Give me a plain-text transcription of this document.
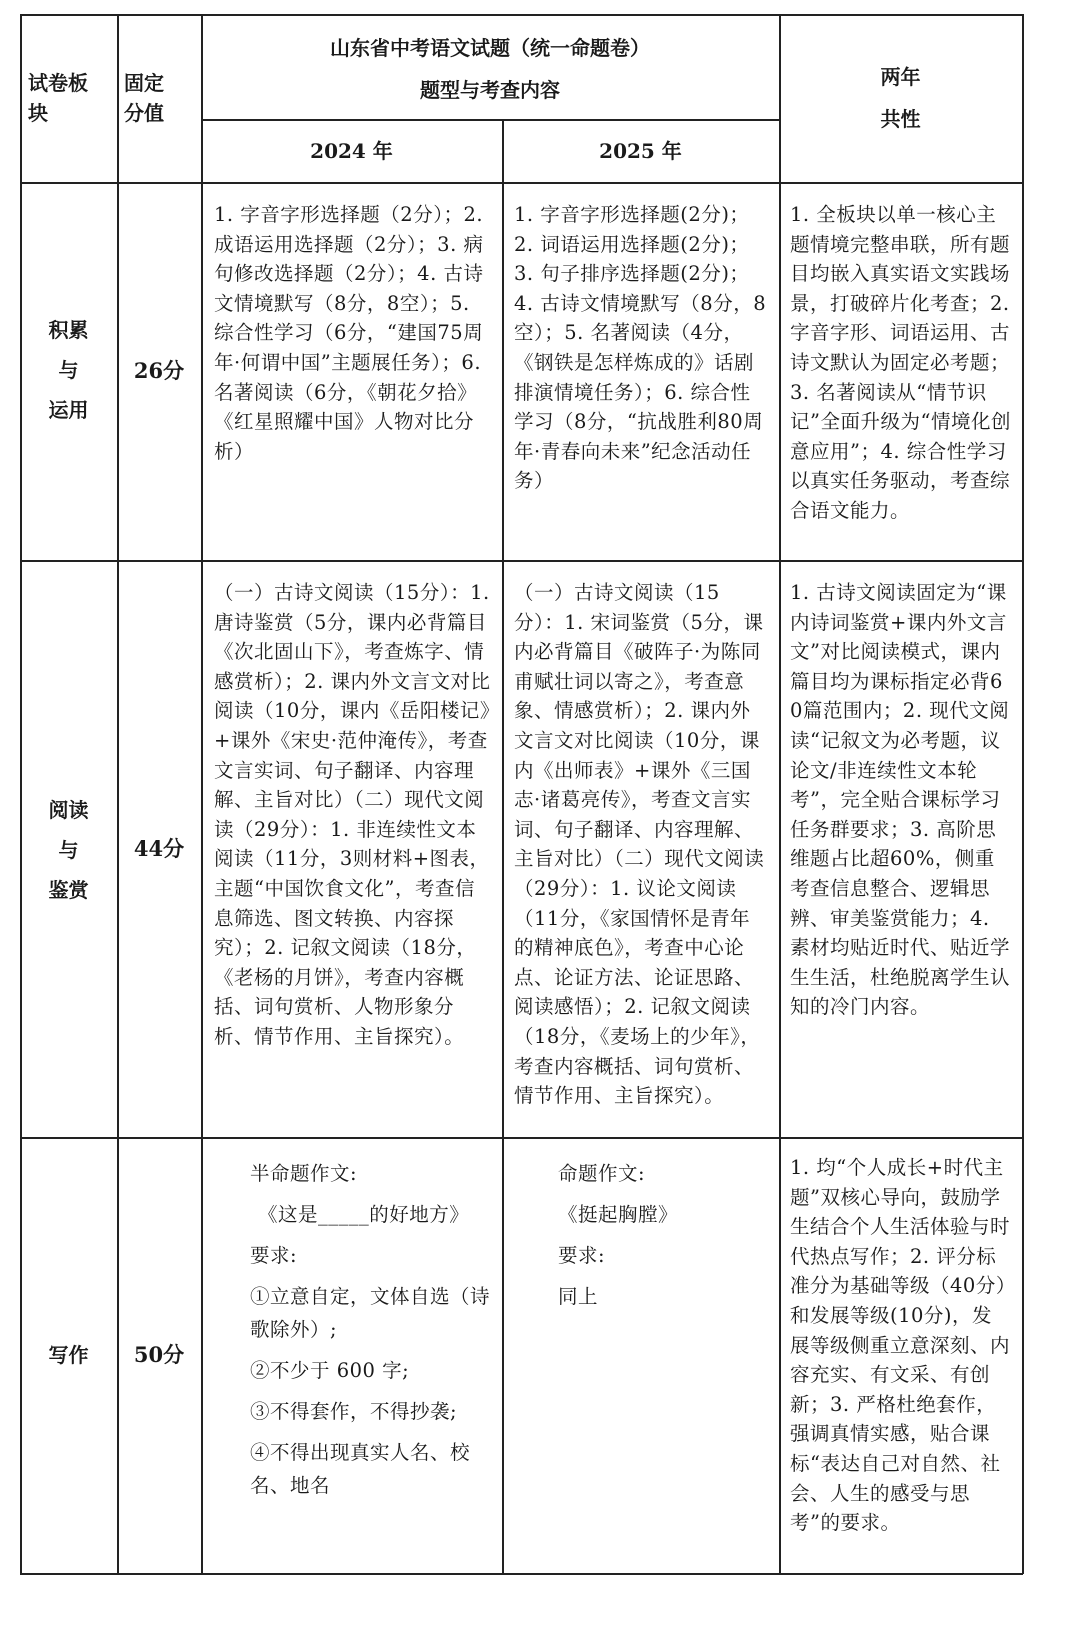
试卷板块
固定分值
山东省中考语文试题（统一命题卷）
题型与考查内容
2024 年	2025 年
两年
共性
积累
与
运用
26分
1. 字音字形选择题（2分）；2. 成语运用选择题（2分）；3. 病句修改选择题（2分）；4. 古诗文情境默写（8分，8空）；5. 综合性学习（6分，“建国75周年·何谓中国”主题展任务）；6. 名著阅读（6分，《朝花夕拾》《红星照耀中国》人物对比分析）
1. 字音字形选择题(2分)；2. 词语运用选择题(2分)；3. 句子排序选择题(2分)；4. 古诗文情境默写（8分，8空）；5. 名著阅读（4分，《钢铁是怎样炼成的》话剧排演情境任务）；6. 综合性学习（8分，“抗战胜利80周年·青春向未来”纪念活动任务）
1. 全板块以单一核心主题情境完整串联，所有题目均嵌入真实语文实践场景，打破碎片化考查；2. 字音字形、词语运用、古诗文默认为固定必考题；3. 名著阅读从“情节识记”全面升级为“情境化创意应用”；4. 综合性学习以真实任务驱动，考查综合语文能力。
阅读
与
鉴赏
44分
（一）古诗文阅读（15分）：1. 唐诗鉴赏（5分，课内必背篇目《次北固山下》，考查炼字、情感赏析）；2. 课内外文言文对比阅读（10分，课内《岳阳楼记》+课外《宋史·范仲淹传》，考查文言实词、句子翻译、内容理解、主旨对比）（二）现代文阅读（29分）：1. 非连续性文本阅读（11分，3则材料+图表，主题“中国饮食文化”，考查信息筛选、图文转换、内容探究）；2. 记叙文阅读（18分，《老杨的月饼》，考查内容概括、词句赏析、人物形象分析、情节作用、主旨探究）。
（一）古诗文阅读（15分）：1. 宋词鉴赏（5分，课内必背篇目《破阵子·为陈同甫赋壮词以寄之》，考查意象、情感赏析）；2. 课内外文言文对比阅读（10分，课内《出师表》+课外《三国志·诸葛亮传》，考查文言实词、句子翻译、内容理解、主旨对比）（二）现代文阅读（29分）：1. 议论文阅读（11分，《家国情怀是青年的精神底色》，考查中心论点、论证方法、论证思路、阅读感悟）；2. 记叙文阅读（18分，《麦场上的少年》，考查内容概括、词句赏析、情节作用、主旨探究）。
1. 古诗文阅读固定为“课内诗词鉴赏+课内外文言文”对比阅读模式，课内篇目均为课标指定必背60篇范围内；2. 现代文阅读“记叙文为必考题，议论文/非连续性文本轮考”，完全贴合课标学习任务群要求；3. 高阶思维题占比超60%，侧重考查信息整合、逻辑思辨、审美鉴赏能力；4. 素材均贴近时代、贴近学生生活，杜绝脱离学生认知的冷门内容。
写作 50分

半命题作文:

《这是_____的好地方》

要求:

①立意自定，文体自选（诗歌除外）;

②不少于 600 字;

③不得套作，不得抄袭;

④不得出现真实人名、校名、地名

命题作文:

《挺起胸膛》

要求:

同上

1. 均“个人成长+时代主题”双核心导向，鼓励学生结合个人生活体验与时代热点写作；2. 评分标准分为基础等级（40分）和发展等级(10分)，发展等级侧重立意深刻、内容充实、有文采、有创新；3. 严格杜绝套作，强调真情实感，贴合课标“表达自己对自然、社会、人生的感受与思考”的要求。
